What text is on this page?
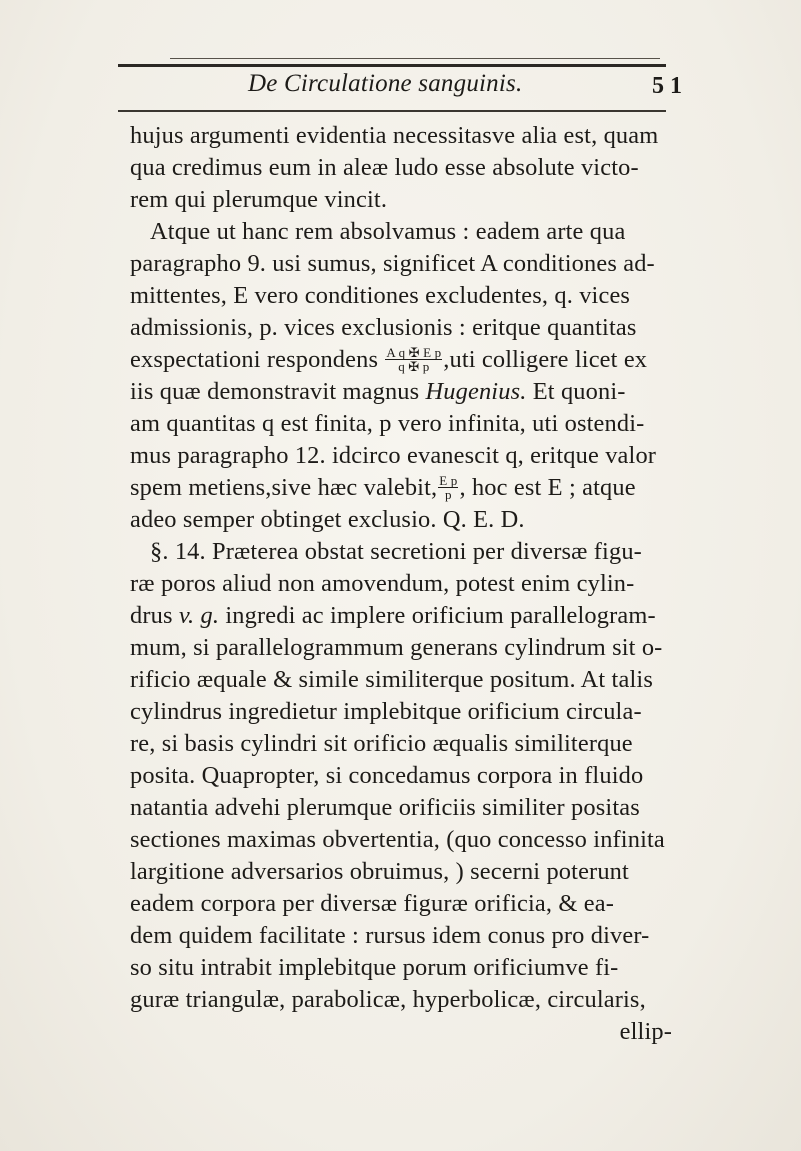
De Circulatione sanguinis.	5 1
hujus argumenti evidentia necessitasve alia est, quam
qua credimus eum in aleæ ludo esse absolute victo-
rem qui plerumque vincit.
Atque ut hanc rem absolvamus : eadem arte qua
paragrapho 9. usi sumus, significet A conditiones ad-
mittentes, E vero conditiones excludentes, q. vices
admissionis, p. vices exclusionis : eritque quantitas
exspectationi respondens $\frac{\text{A q ✠ E p}}{q ✠ p} ,uti$ colligere licet ex
iis quæ demonstravit magnus Hugenius. Et quoni-
am quantitas q est finita, p vero infinita, uti ostendi-
mus paragrapho 12. idcirco evanescit q, eritque valor
spem metiens,sive hæc valebit, $\frac{\text{E p}}{p}$ , hoc est E ; atque
adeo semper obtinget exclusio. Q. E. D.
§. 14. Præterea obstat secretioni per diversæ figu-
ræ poros aliud non amovendum, potest enim cylin-
drus v. g. ingredi ac implere orificium parallelogram-
mum, si parallelogrammum generans cylindrum sit o-
rificio æquale & simile similiterque positum. At talis
cylindrus ingredietur implebitque orificium circula-
re, si basis cylindri sit orificio æqualis similiterque
posita. Quapropter, si concedamus corpora in fluido
natantia advehi plerumque orificiis similiter positas
sectiones maximas obvertentia, (quo concesso infinita
largitione adversarios obruimus, ) secerni poterunt
eadem corpora per diversæ figuræ orificia, & ea-
dem quidem facilitate : rursus idem conus pro diver-
so situ intrabit implebitque porum orificiumve fi-
guræ triangulæ, parabolicæ, hyperbolicæ, circularis,
ellip-
